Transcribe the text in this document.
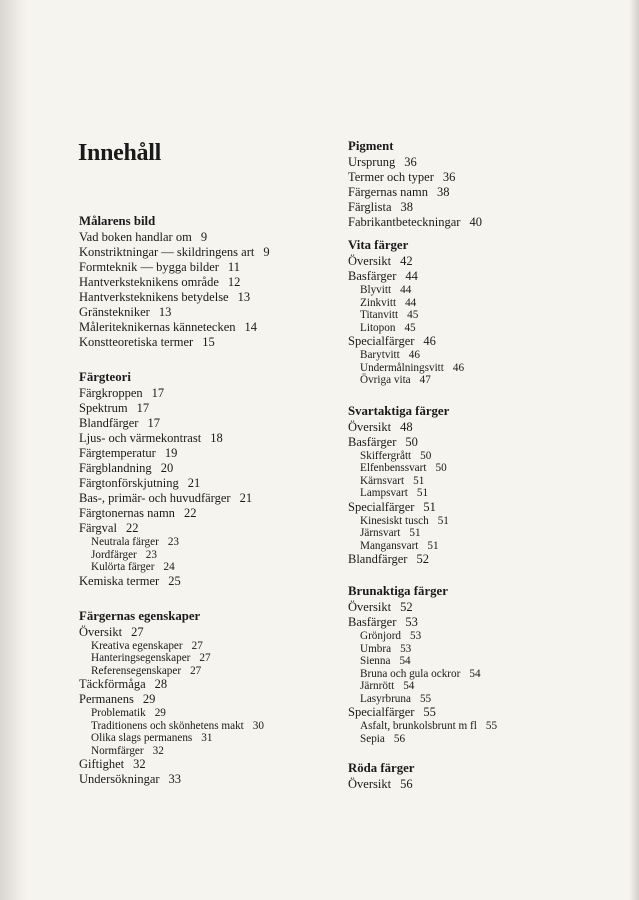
Innehåll
Målarens bild
Vad boken handlar om 9
Konstriktningar — skildringens art 9
Formteknik — bygga bilder 11
Hantverksteknikens område 12
Hantverksteknikens betydelse 13
Gränstekniker 13
Måleriteknikernas kännetecken 14
Konstteoretiska termer 15
Färgteori
Färgkroppen 17
Spektrum 17
Blandfärger 17
Ljus- och värmekontrast 18
Färgtemperatur 19
Färgblandning 20
Färgtonförskjutning 21
Bas-, primär- och huvudfärger 21
Färgtonernas namn 22
Färgval 22
Neutrala färger 23
Jordfärger 23
Kulörta färger 24
Kemiska termer 25
Färgernas egenskaper
Översikt 27
Kreativa egenskaper 27
Hanteringsegenskaper 27
Referensegenskaper 27
Täckförmåga 28
Permanens 29
Problematik 29
Traditionens och skönhetens makt 30
Olika slags permanens 31
Normfärger 32
Giftighet 32
Undersökningar 33
Pigment
Ursprung 36
Termer och typer 36
Färgernas namn 38
Färglista 38
Fabrikantbeteckningar 40
Vita färger
Översikt 42
Basfärger 44
Blyvitt 44
Zinkvitt 44
Titanvitt 45
Litopon 45
Specialfärger 46
Barytvitt 46
Undermålningsvitt 46
Övriga vita 47
Svartaktiga färger
Översikt 48
Basfärger 50
Skiffergrått 50
Elfenbenssvart 50
Kärnsvart 51
Lampsvart 51
Specialfärger 51
Kinesiskt tusch 51
Järnsvart 51
Mangansvart 51
Blandfärger 52
Brunaktiga färger
Översikt 52
Basfärger 53
Grönjord 53
Umbra 53
Sienna 54
Bruna och gula ockror 54
Järnrött 54
Lasyrbruna 55
Specialfärger 55
Asfalt, brunkolsbrunt m fl 55
Sepia 56
Röda färger
Översikt 56
